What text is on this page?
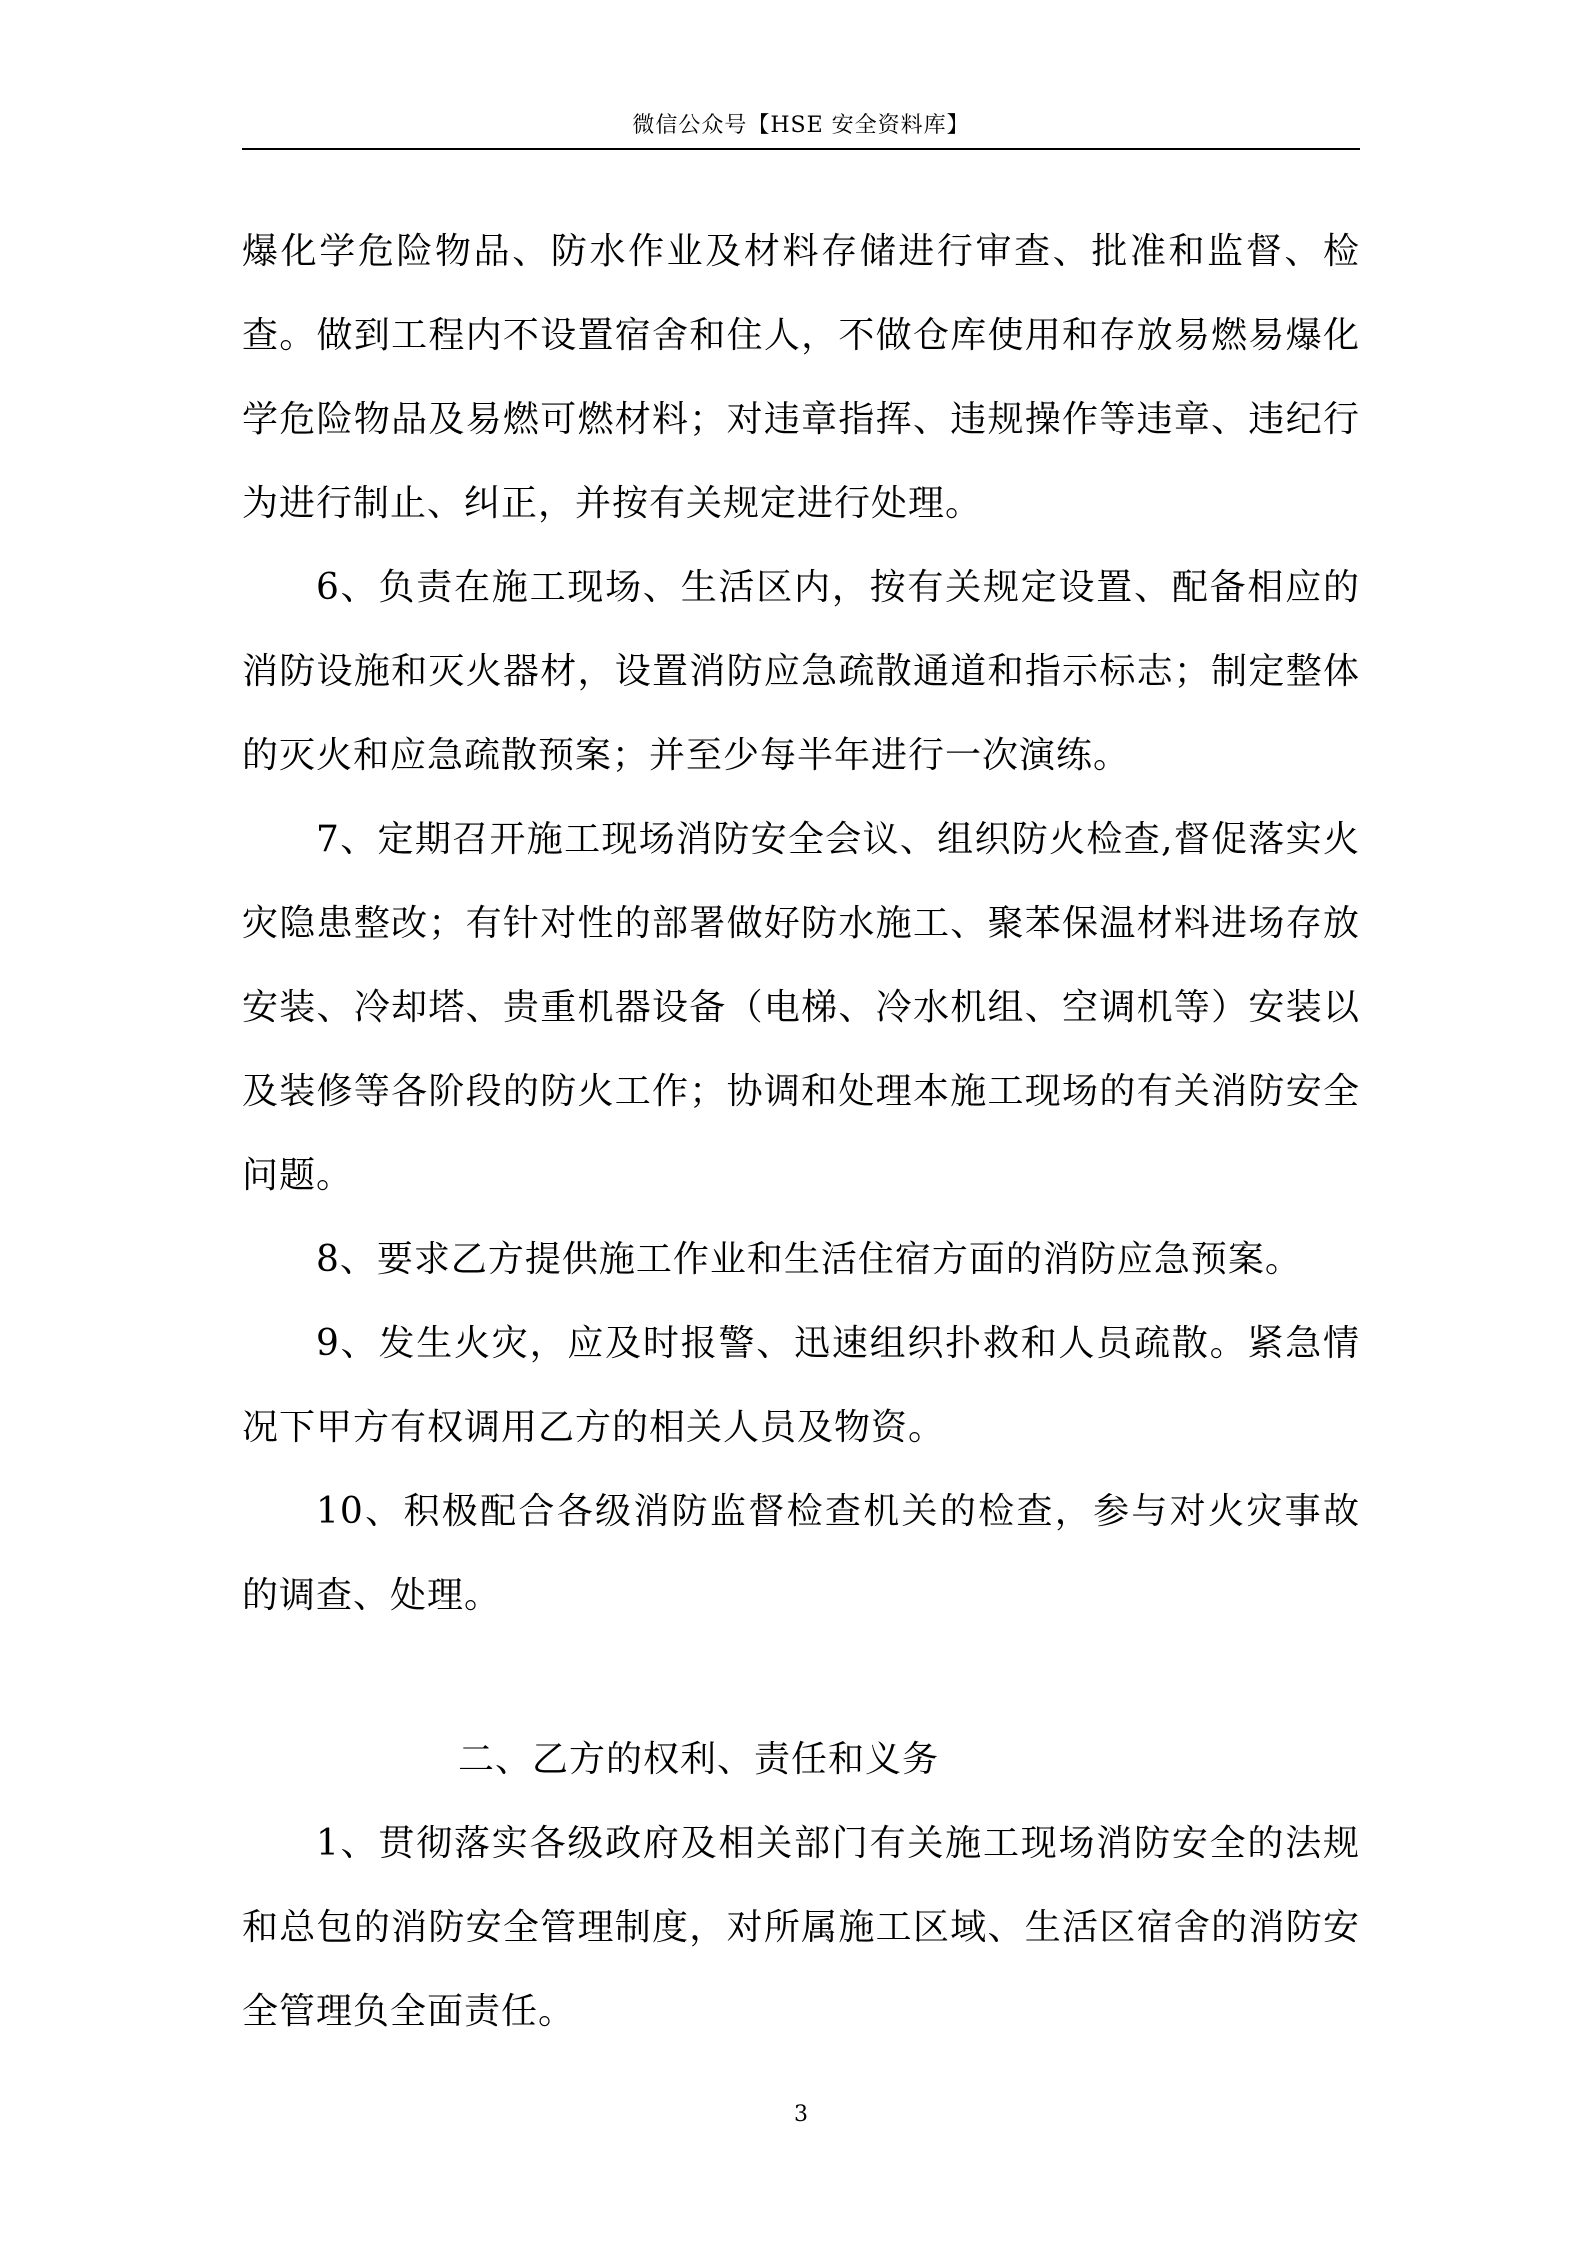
微信公众号【HSE 安全资料库】

爆化学危险物品、防水作业及材料存储进行审查、批准和监督、检查。做到工程内不设置宿舍和住人，不做仓库使用和存放易燃易爆化学危险物品及易燃可燃材料；对违章指挥、违规操作等违章、违纪行为进行制止、纠正，并按有关规定进行处理。

6、负责在施工现场、生活区内，按有关规定设置、配备相应的消防设施和灭火器材，设置消防应急疏散通道和指示标志；制定整体的灭火和应急疏散预案；并至少每半年进行一次演练。

7、定期召开施工现场消防安全会议、组织防火检查,督促落实火灾隐患整改；有针对性的部署做好防水施工、聚苯保温材料进场存放安装、冷却塔、贵重机器设备（电梯、冷水机组、空调机等）安装以及装修等各阶段的防火工作；协调和处理本施工现场的有关消防安全问题。

8、要求乙方提供施工作业和生活住宿方面的消防应急预案。

9、发生火灾，应及时报警、迅速组织扑救和人员疏散。紧急情况下甲方有权调用乙方的相关人员及物资。

10、积极配合各级消防监督检查机关的检查，参与对火灾事故的调查、处理。

二、乙方的权利、责任和义务

1、贯彻落实各级政府及相关部门有关施工现场消防安全的法规和总包的消防安全管理制度，对所属施工区域、生活区宿舍的消防安全管理负全面责任。

3
